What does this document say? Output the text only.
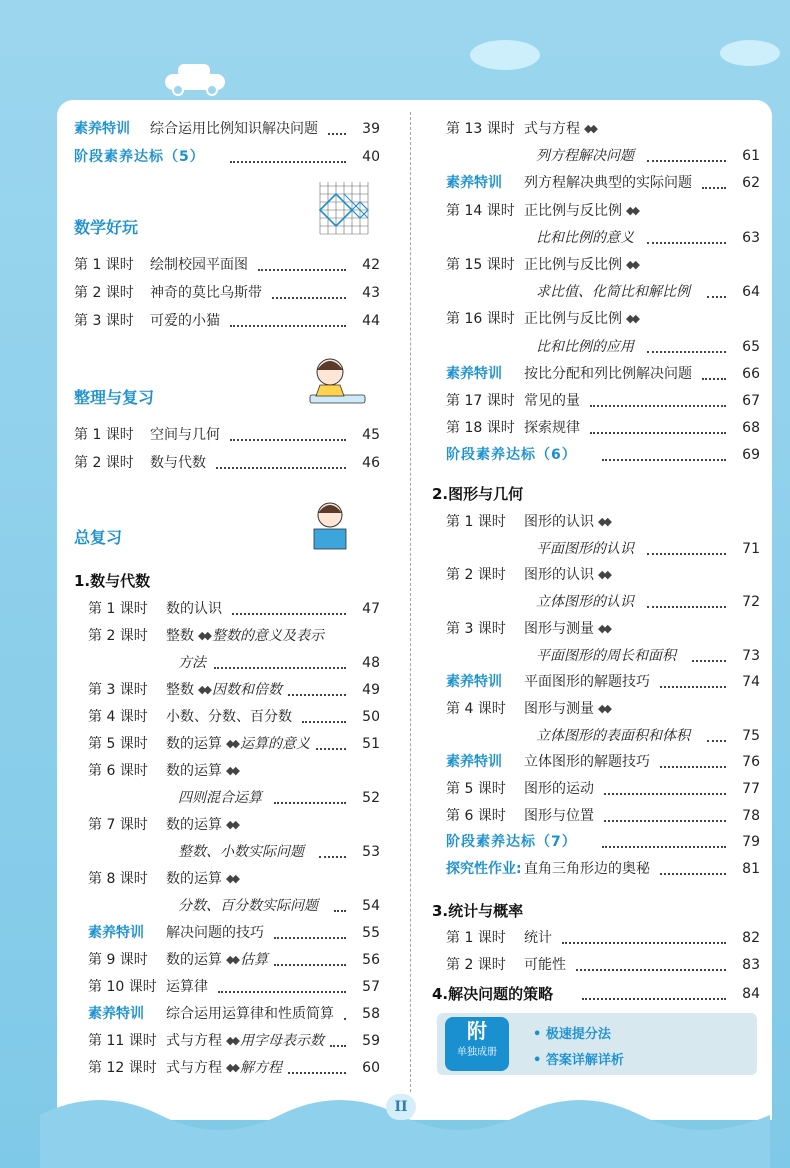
素养特训 综合运用比例知识解决问题	39
阶段素养达标（5）	40
数学好玩
第 1 课时 绘制校园平面图	42
第 2 课时 神奇的莫比乌斯带	43
第 3 课时 可爱的小猫	44
整理与复习
第 1 课时 空间与几何	45
第 2 课时 数与代数	46
总复习
1.数与代数
第 1 课时 数的认识	47
第 2 课时 整数 ◆◆ 整数的意义及表示
方法	48
第 3 课时 整数 ◆◆ 因数和倍数	49
第 4 课时 小数、分数、百分数	50
第 5 课时 数的运算 ◆◆ 运算的意义	51
第 6 课时 数的运算 ◆◆
四则混合运算	52
第 7 课时 数的运算 ◆◆
整数、小数实际问题	53
第 8 课时 数的运算 ◆◆
分数、百分数实际问题	54
素养特训 解决问题的技巧	55
第 9 课时 数的运算 ◆◆ 估算	56
第 10 课时 运算律	57
素养特训 综合运用运算律和性质简算	58
第 11 课时 式与方程 ◆◆ 用字母表示数	59
第 12 课时 式与方程 ◆◆ 解方程	60
第 13 课时 式与方程 ◆◆
列方程解决问题	61
素养特训 列方程解决典型的实际问题	62
第 14 课时 正比例与反比例 ◆◆
比和比例的意义	63
第 15 课时 正比例与反比例 ◆◆
求比值、化简比和解比例	64
第 16 课时 正比例与反比例 ◆◆
比和比例的应用	65
素养特训 按比分配和列比例解决问题	66
第 17 课时 常见的量	67
第 18 课时 探索规律	68
阶段素养达标（6）	69
2.图形与几何
第 1 课时 图形的认识 ◆◆
平面图形的认识	71
第 2 课时 图形的认识 ◆◆
立体图形的认识	72
第 3 课时 图形与测量 ◆◆
平面图形的周长和面积	73
素养特训 平面图形的解题技巧	74
第 4 课时 图形与测量 ◆◆
立体图形的表面积和体积	75
素养特训 立体图形的解题技巧	76
第 5 课时 图形的运动	77
第 6 课时 图形与位置	78
阶段素养达标（7）	79
探究性作业: 直角三角形边的奥秘	81
3.统计与概率
第 1 课时 统计	82
第 2 课时 可能性	83
4.解决问题的策略	84
附
单独成册
• 极速提分法
• 答案详解详析
II
